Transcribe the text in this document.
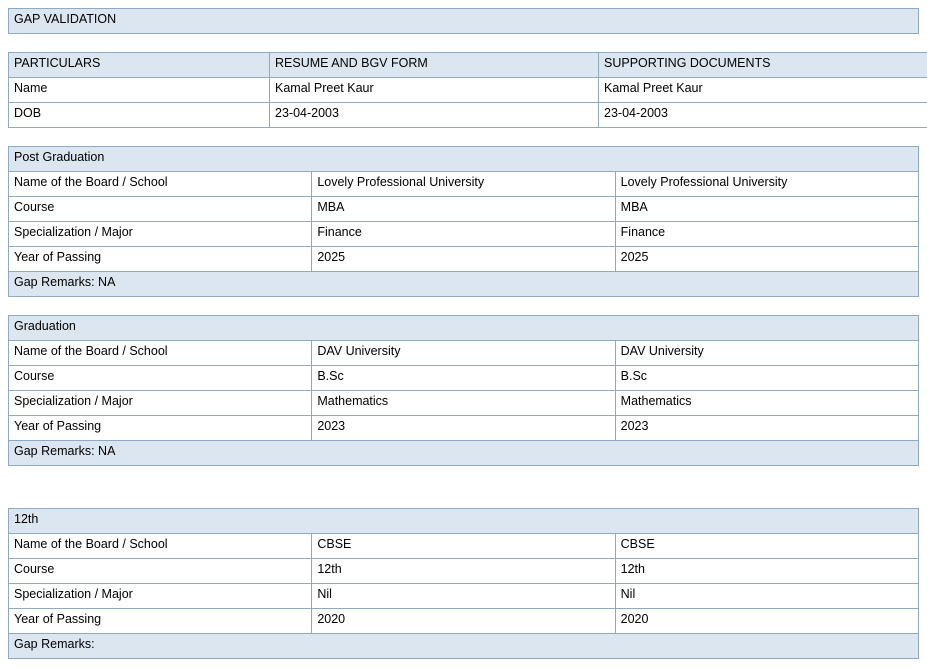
GAP VALIDATION
PARTICULARS	RESUME AND BGV FORM	SUPPORTING DOCUMENTS
Name	Kamal Preet Kaur	Kamal Preet Kaur
DOB	23-04-2003	23-04-2003
Post Graduation		
Name of the Board / School	Lovely Professional University	Lovely Professional University
Course	MBA	MBA
Specialization / Major	Finance	Finance
Year of Passing	2025	2025
Gap Remarks: NA		
Graduation		
Name of the Board / School	DAV University	DAV University
Course	B.Sc	B.Sc
Specialization / Major	Mathematics	Mathematics
Year of Passing	2023	2023
Gap Remarks: NA		
12th		
Name of the Board / School	CBSE	CBSE
Course	12th	12th
Specialization / Major	Nil	Nil
Year of Passing	2020	2020
Gap Remarks:		
